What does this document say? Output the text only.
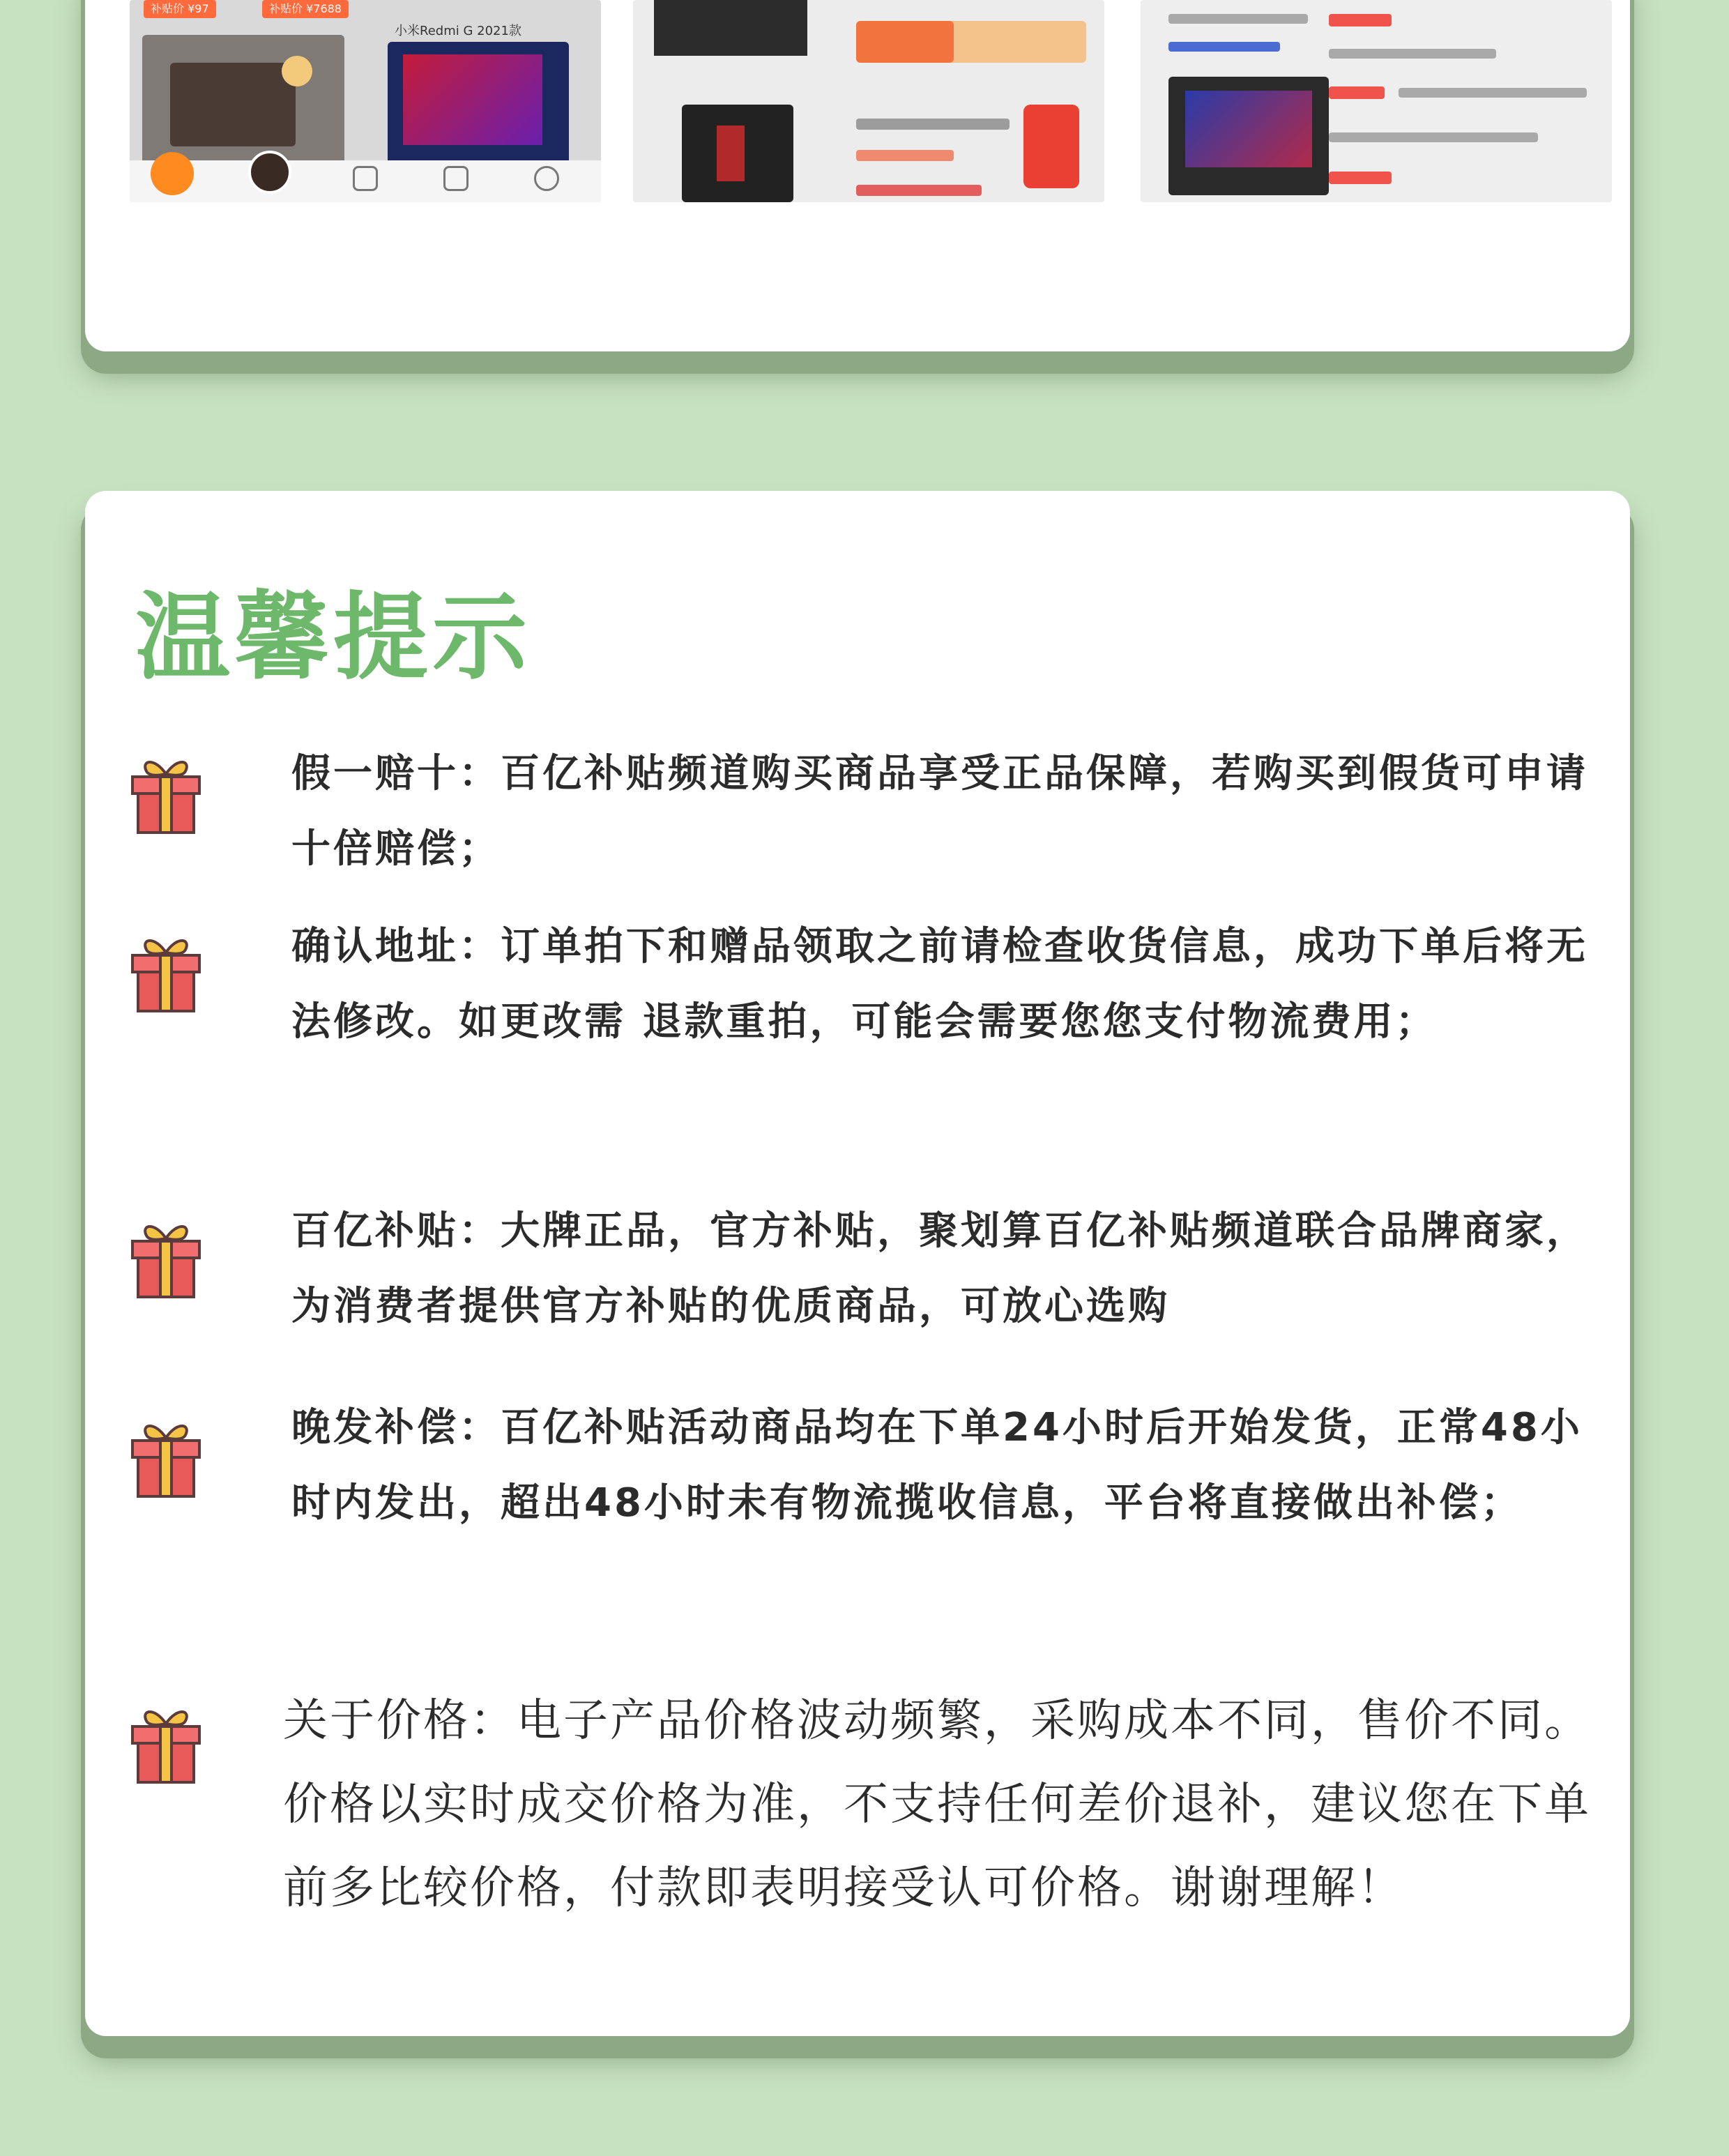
补贴价 ¥97	补贴价 ¥7688
小米Redmi G 2021款
温馨提示
假一赔十：百亿补贴频道购买商品享受正品保障，若购买到假货可申请十倍赔偿；
确认地址：订单拍下和赠品领取之前请检查收货信息，成功下单后将无法修改。如更改需 退款重拍，可能会需要您您支付物流费用；
百亿补贴：大牌正品，官方补贴，聚划算百亿补贴频道联合品牌商家，为消费者提供官方补贴的优质商品，可放心选购
晚发补偿：百亿补贴活动商品均在下单24小时后开始发货，正常48小时内发出，超出48小时未有物流揽收信息，平台将直接做出补偿；
关于价格：电子产品价格波动频繁，采购成本不同，售价不同。价格以实时成交价格为准，不支持任何差价退补，建议您在下单前多比较价格，付款即表明接受认可价格。谢谢理解！
